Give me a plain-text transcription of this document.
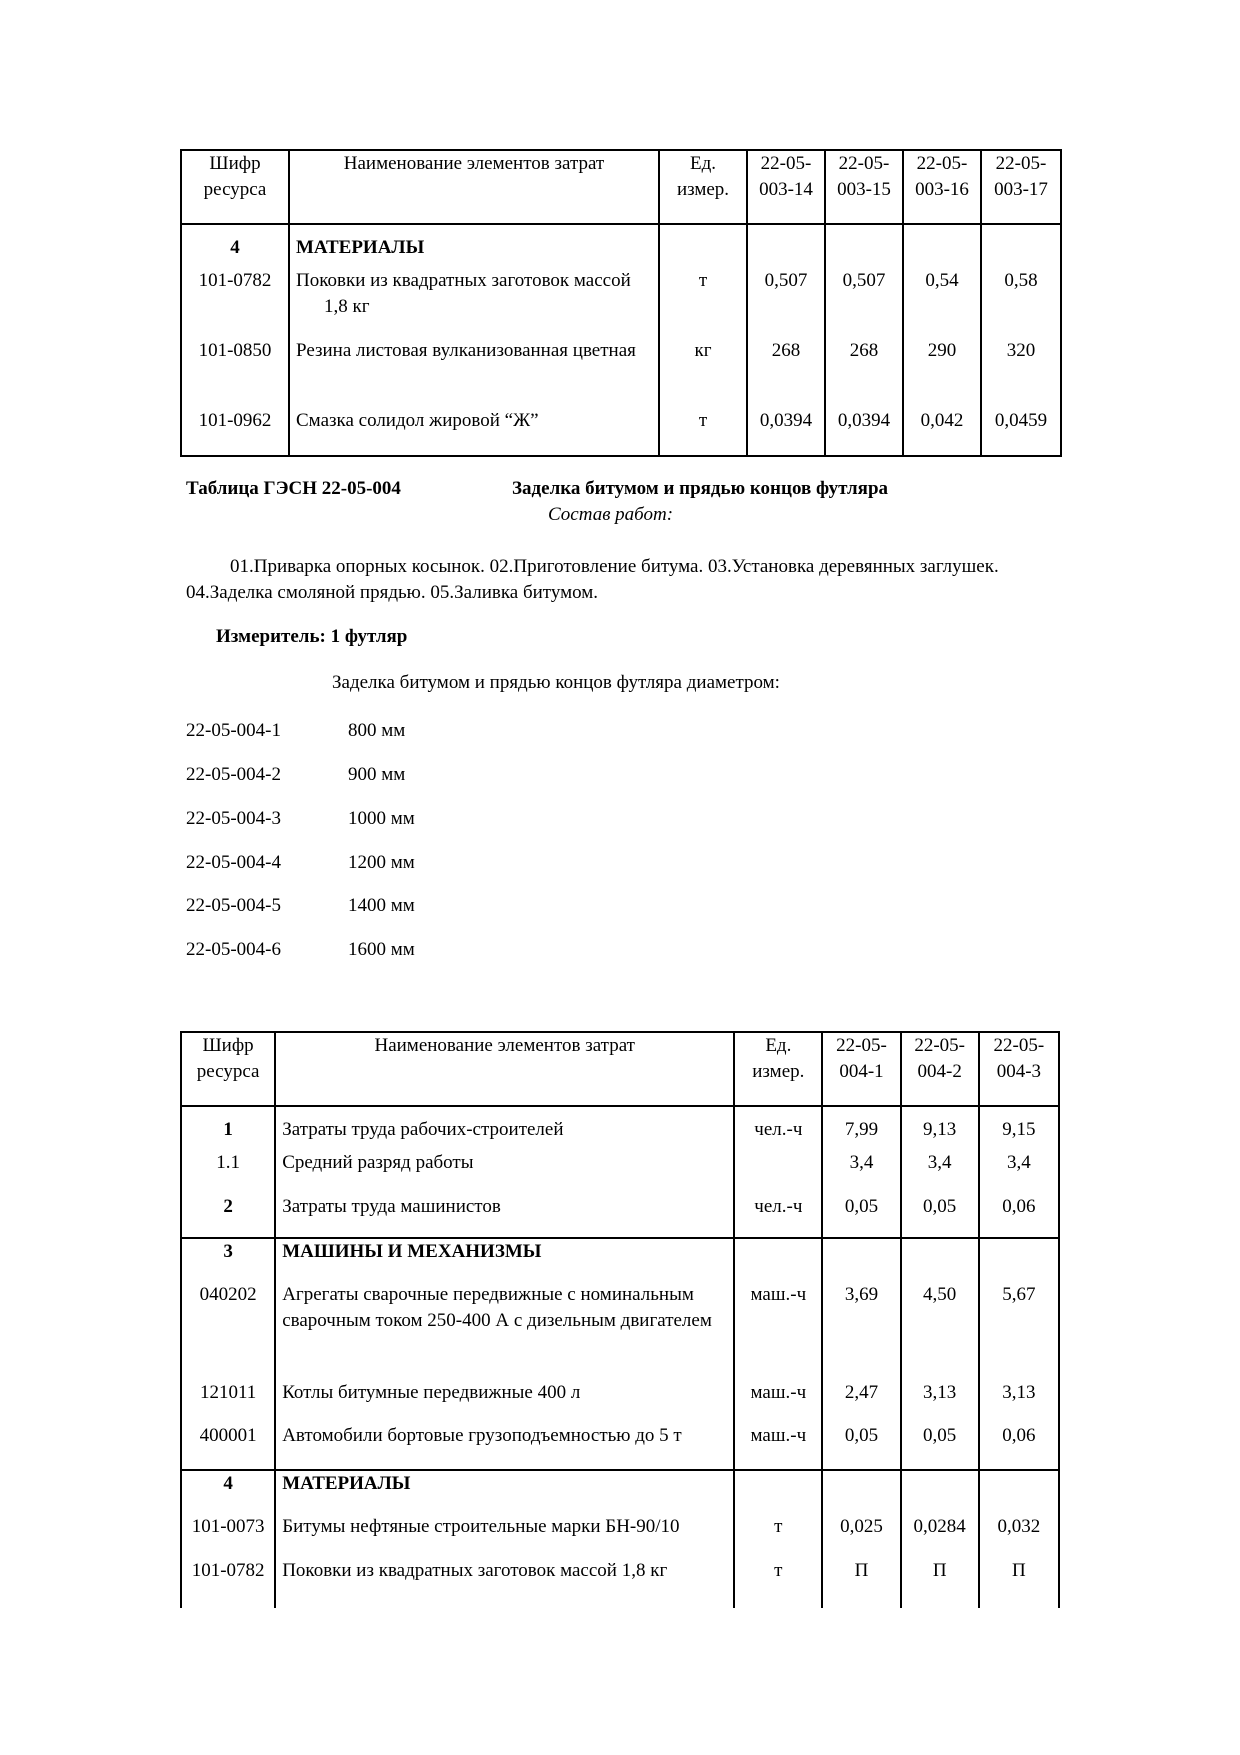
Шифр ресурса	Наименование элементов затрат	Ед. измер.	22-05-003-14	22-05-003-15	22-05-003-16	22-05-003-17
4	МАТЕРИАЛЫ					
101-0782	Поковки из квадратных заготовок массой 1,8 кг	т	0,507	0,507	0,54	0,58
101-0850	Резина листовая вулканизованная цветная	кг	268	268	290	320
101-0962	Смазка солидол жировой “Ж”	т	0,0394	0,0394	0,042	0,0459
Таблица ГЭСН 22-05-004	Заделка битумом и прядью концов футляра
Состав работ:
01.Приварка опорных косынок. 02.Приготовление битума. 03.Установка деревянных заглушек. 04.Заделка смоляной прядью. 05.Заливка битумом.
Измеритель: 1 футляр
Заделка битумом и прядью концов футляра диаметром:
22-05-004-1	800 мм
22-05-004-2	900 мм
22-05-004-3	1000 мм
22-05-004-4	1200 мм
22-05-004-5	1400 мм
22-05-004-6	1600 мм
Шифр ресурса	Наименование элементов затрат	Ед. измер.	22-05-004-1	22-05-004-2	22-05-004-3
1	Затраты труда рабочих-строителей	чел.-ч	7,99	9,13	9,15
1.1	Средний разряд работы		3,4	3,4	3,4
2	Затраты труда машинистов	чел.-ч	0,05	0,05	0,06
3	МАШИНЫ И МЕХАНИЗМЫ				
040202	Агрегаты сварочные передвижные с номинальным сварочным током 250-400 А с дизельным двигателем	маш.-ч	3,69	4,50	5,67
121011	Котлы битумные передвижные 400 л	маш.-ч	2,47	3,13	3,13
400001	Автомобили бортовые грузоподъемностью до 5 т	маш.-ч	0,05	0,05	0,06
4	МАТЕРИАЛЫ				
101-0073	Битумы нефтяные строительные марки БН-90/10	т	0,025	0,0284	0,032
101-0782	Поковки из квадратных заготовок массой 1,8 кг	т	П	П	П
